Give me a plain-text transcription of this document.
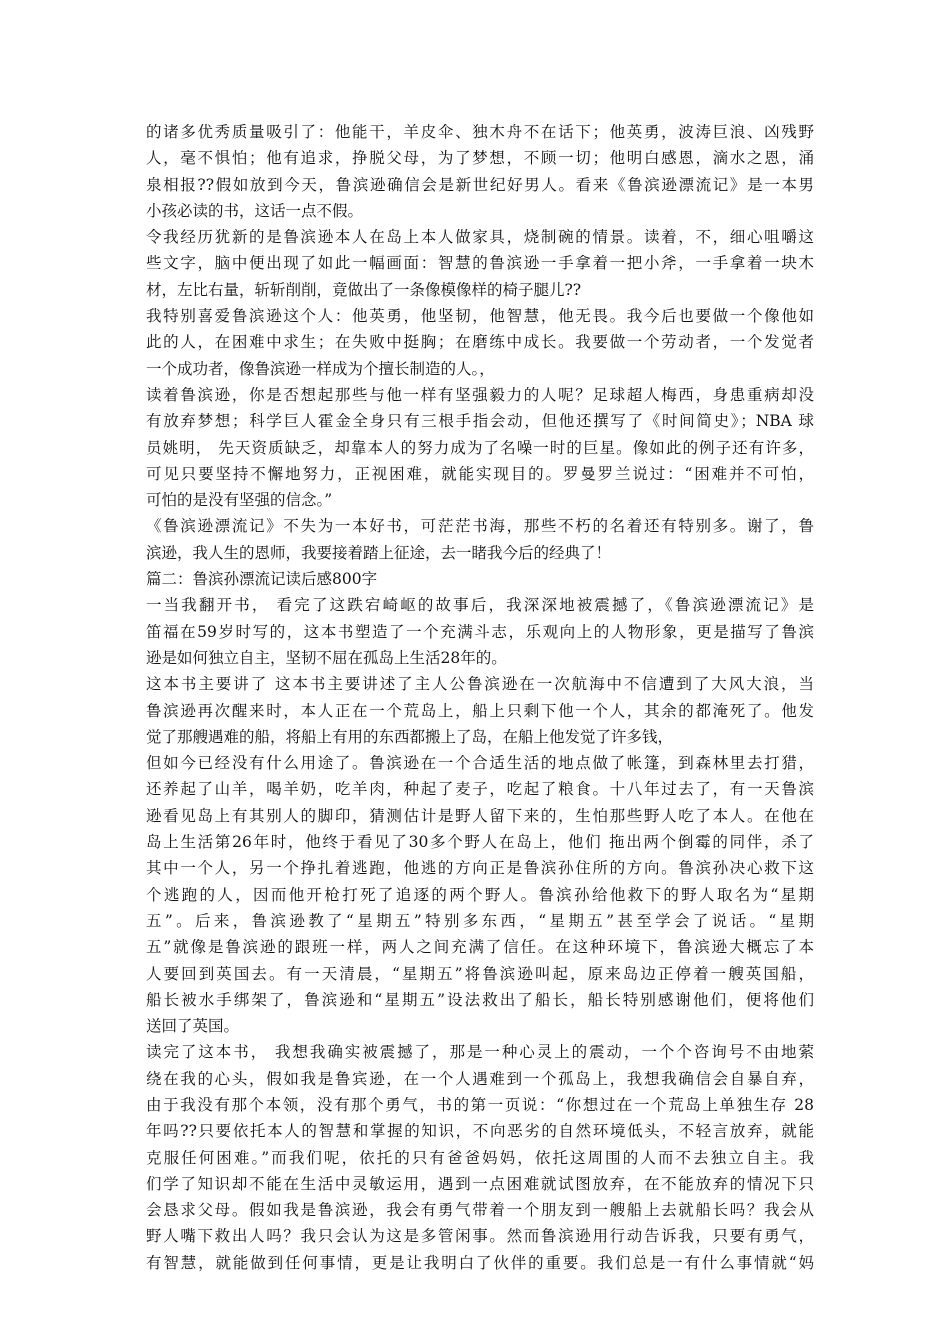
的诸多优秀质量吸引了：他能干，羊皮伞、独木舟不在话下；他英勇，波涛巨浪、凶残野
人，毫不惧怕；他有追求，挣脱父母，为了梦想，不顾一切；他明白感恩，滴水之恩，涌
泉相报??假如放到今天，鲁滨逊确信会是新世纪好男人。看来《鲁滨逊漂流记》是一本男
小孩必读的书，这话一点不假。
令我经历犹新的是鲁滨逊本人在岛上本人做家具，烧制碗的情景。读着，不，细心咀嚼这
些文字，脑中便出现了如此一幅画面：智慧的鲁滨逊一手拿着一把小斧，一手拿着一块木
材，左比右量，斩斩削削，竟做出了一条像模像样的椅子腿儿??
我特别喜爱鲁滨逊这个人：他英勇，他坚韧，他智慧，他无畏。我今后也要做一个像他如
此的人，在困难中求生；在失败中挺胸；在磨练中成长。我要做一个劳动者，一个发觉者
一个成功者，像鲁滨逊一样成为个擅长制造的人。，
读着鲁滨逊，你是否想起那些与他一样有坚强毅力的人呢？足球超人梅西，身患重病却没
有放弃梦想；科学巨人霍金全身只有三根手指会动，但他还撰写了《时间简史》；NBA 球
员姚明， 先天资质缺乏，却靠本人的努力成为了名噪一时的巨星。像如此的例子还有许多，
可见只要坚持不懈地努力，正视困难，就能实现目的。罗曼罗兰说过：“困难并不可怕，
可怕的是没有坚强的信念。”
《鲁滨逊漂流记》不失为一本好书，可茫茫书海，那些不朽的名着还有特别多。谢了，鲁
滨逊，我人生的恩师，我要接着踏上征途，去一睹我今后的经典了！
篇二：鲁滨孙漂流记读后感800字
一当我翻开书， 看完了这跌宕崎岖的故事后，我深深地被震撼了，《鲁滨逊漂流记》是
笛福在59岁时写的，这本书塑造了一个充满斗志，乐观向上的人物形象，更是描写了鲁滨
逊是如何独立自主，坚韧不屈在孤岛上生活28年的。
这本书主要讲了 这本书主要讲述了主人公鲁滨逊在一次航海中不信遭到了大风大浪，当
鲁滨逊再次醒来时，本人正在一个荒岛上，船上只剩下他一个人，其余的都淹死了。他发
觉了那艘遇难的船，将船上有用的东西都搬上了岛，在船上他发觉了许多钱，
但如今已经没有什么用途了。鲁滨逊在一个合适生活的地点做了帐篷，到森林里去打猎，
还养起了山羊，喝羊奶，吃羊肉，种起了麦子，吃起了粮食。十八年过去了，有一天鲁滨
逊看见岛上有其别人的脚印，猜测估计是野人留下来的，生怕那些野人吃了本人。在他在
岛上生活第26年时，他终于看见了30多个野人在岛上，他们 拖出两个倒霉的同伴，杀了
其中一个人，另一个挣扎着逃跑，他逃的方向正是鲁滨孙住所的方向。鲁滨孙决心救下这
个逃跑的人，因而他开枪打死了追逐的两个野人。鲁滨孙给他救下的野人取名为“星期
五”。后来，鲁滨逊教了“星期五”特别多东西，“星期五”甚至学会了说话。“星期
五”就像是鲁滨逊的跟班一样，两人之间充满了信任。在这种环境下，鲁滨逊大概忘了本
人要回到英国去。有一天清晨，“星期五”将鲁滨逊叫起，原来岛边正停着一艘英国船，
船长被水手绑架了，鲁滨逊和“星期五”设法救出了船长，船长特别感谢他们，便将他们
送回了英国。
读完了这本书， 我想我确实被震撼了，那是一种心灵上的震动，一个个咨询号不由地萦
绕在我的心头，假如我是鲁宾逊，在一个人遇难到一个孤岛上，我想我确信会自暴自弃，
由于我没有那个本领，没有那个勇气，书的第一页说：“你想过在一个荒岛上单独生存 28
年吗??只要依托本人的智慧和掌握的知识，不向恶劣的自然环境低头，不轻言放弃，就能
克服任何困难。”而我们呢，依托的只有爸爸妈妈，依托这周围的人而不去独立自主。我
们学了知识却不能在生活中灵敏运用，遇到一点困难就试图放弃，在不能放弃的情况下只
会恳求父母。假如我是鲁滨逊，我会有勇气带着一个朋友到一艘船上去就船长吗？我会从
野人嘴下救出人吗？我只会认为这是多管闲事。然而鲁滨逊用行动告诉我，只要有勇气，
有智慧，就能做到任何事情，更是让我明白了伙伴的重要。我们总是一有什么事情就“妈
